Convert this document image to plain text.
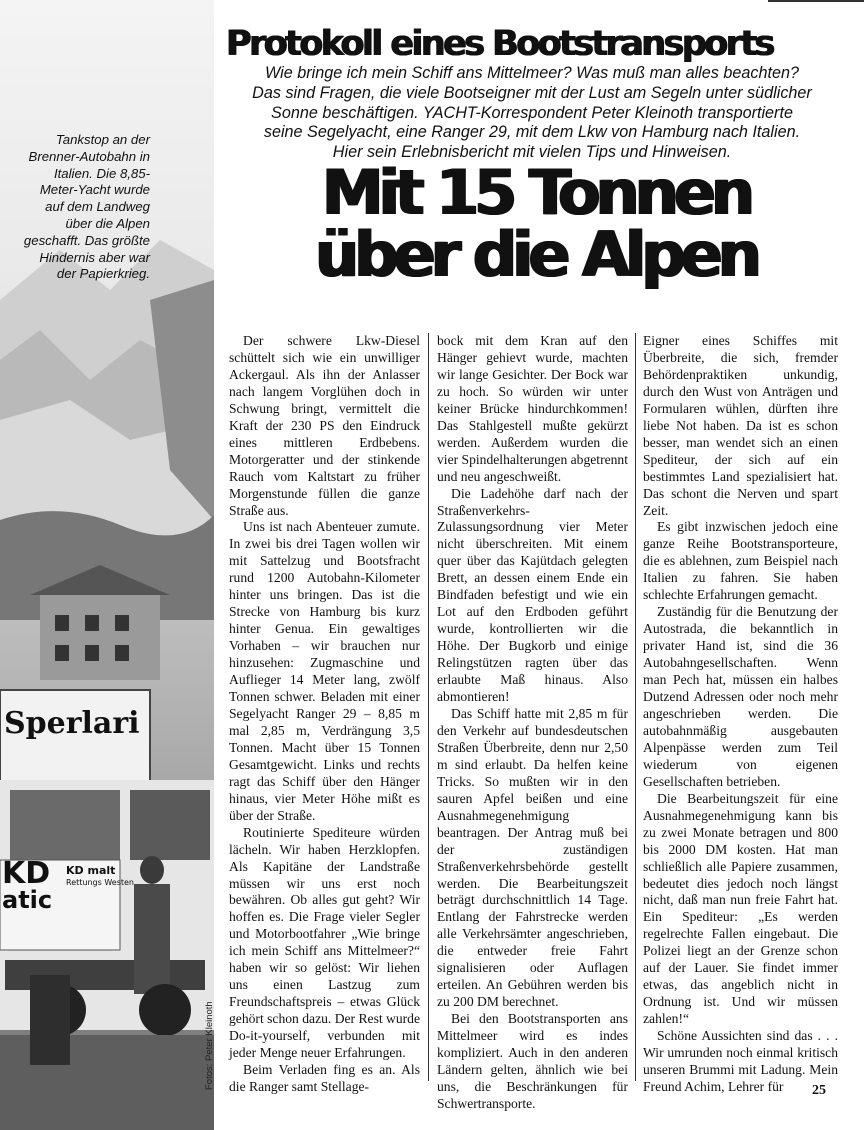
Sperlari
KD KD malt
Rettungs Westen
atic
Tankstop an der Brenner-Autobahn in Italien. Die 8,85-Meter-Yacht wurde auf dem Landweg über die Alpen geschafft. Das größte Hindernis aber war der Papierkrieg.
Fotos: Peter Kleinoth
Protokoll eines Bootstransports
Wie bringe ich mein Schiff ans Mittelmeer? Was muß man alles beachten?
Das sind Fragen, die viele Bootseigner mit der Lust am Segeln unter südlicher
Sonne beschäftigen. YACHT-Korrespondent Peter Kleinoth transportierte
seine Segelyacht, eine Ranger 29, mit dem Lkw von Hamburg nach Italien.
Hier sein Erlebnisbericht mit vielen Tips und Hinweisen.
Mit 15 Tonnen
über die Alpen

Der schwere Lkw-Diesel schüttelt sich wie ein unwilliger Ackergaul. Als ihn der Anlasser nach langem Vorglühen doch in Schwung bringt, vermittelt die Kraft der 230 PS den Eindruck eines mittleren Erdbebens. Motorgeratter und der stinkende Rauch vom Kaltstart zu früher Morgenstunde füllen die ganze Straße aus.

Uns ist nach Abenteuer zumute. In zwei bis drei Tagen wollen wir mit Sattelzug und Bootsfracht rund 1200 Autobahn-Kilometer hinter uns bringen. Das ist die Strecke von Hamburg bis kurz hinter Genua. Ein gewaltiges Vorhaben – wir brauchen nur hinzusehen: Zugmaschine und Auflieger 14 Meter lang, zwölf Tonnen schwer. Beladen mit einer Segelyacht Ranger 29 – 8,85 m mal 2,85 m, Verdrängung 3,5 Tonnen. Macht über 15 Tonnen Gesamtgewicht. Links und rechts ragt das Schiff über den Hänger hinaus, vier Meter Höhe mißt es über der Straße.

Routinierte Spediteure würden lächeln. Wir haben Herzklopfen. Als Kapitäne der Landstraße müssen wir uns erst noch bewähren. Ob alles gut geht? Wir hoffen es. Die Frage vieler Segler und Motorbootfahrer „Wie bringe ich mein Schiff ans Mittelmeer?“ haben wir so gelöst: Wir liehen uns einen Lastzug zum Freundschaftspreis – etwas Glück gehört schon dazu. Der Rest wurde Do-it-yourself, verbunden mit jeder Menge neuer Erfahrungen.

Beim Verladen fing es an. Als die Ranger samt Stellage-

bock mit dem Kran auf den Hänger gehievt wurde, machten wir lange Gesichter. Der Bock war zu hoch. So würden wir unter keiner Brücke hindurchkommen! Das Stahlgestell mußte gekürzt werden. Außerdem wurden die vier Spindelhalterungen abgetrennt und neu angeschweißt.

Die Ladehöhe darf nach der Straßenverkehrs-Zulassungsordnung vier Meter nicht überschreiten. Mit einem quer über das Kajütdach gelegten Brett, an dessen einem Ende ein Bindfaden befestigt und wie ein Lot auf den Erdboden geführt wurde, kontrollierten wir die Höhe. Der Bugkorb und einige Relingstützen ragten über das erlaubte Maß hinaus. Also abmontieren!

Das Schiff hatte mit 2,85 m für den Verkehr auf bundesdeutschen Straßen Überbreite, denn nur 2,50 m sind erlaubt. Da helfen keine Tricks. So mußten wir in den sauren Apfel beißen und eine Ausnahmegenehmigung beantragen. Der Antrag muß bei der zuständigen Straßenverkehrsbehörde gestellt werden. Die Bearbeitungszeit beträgt durchschnittlich 14 Tage. Entlang der Fahrstrecke werden alle Verkehrsämter angeschrieben, die entweder freie Fahrt signalisieren oder Auflagen erteilen. An Gebühren werden bis zu 200 DM berechnet.

Bei den Bootstransporten ans Mittelmeer wird es indes kompliziert. Auch in den anderen Ländern gelten, ähnlich wie bei uns, die Beschränkungen für Schwertransporte.

Eigner eines Schiffes mit Überbreite, die sich, fremder Behördenpraktiken unkundig, durch den Wust von Anträgen und Formularen wühlen, dürften ihre liebe Not haben. Da ist es schon besser, man wendet sich an einen Spediteur, der sich auf ein bestimmtes Land spezialisiert hat. Das schont die Nerven und spart Zeit.

Es gibt inzwischen jedoch eine ganze Reihe Bootstransporteure, die es ablehnen, zum Beispiel nach Italien zu fahren. Sie haben schlechte Erfahrungen gemacht.

Zuständig für die Benutzung der Autostrada, die bekanntlich in privater Hand ist, sind die 36 Autobahngesellschaften. Wenn man Pech hat, müssen ein halbes Dutzend Adressen oder noch mehr angeschrieben werden. Die autobahnmäßig ausgebauten Alpenpässe werden zum Teil wiederum von eigenen Gesellschaften betrieben.

Die Bearbeitungszeit für eine Ausnahmegenehmigung kann bis zu zwei Monate betragen und 800 bis 2000 DM kosten. Hat man schließlich alle Papiere zusammen, bedeutet dies jedoch noch längst nicht, daß man nun freie Fahrt hat. Ein Spediteur: „Es werden regelrechte Fallen eingebaut. Die Polizei liegt an der Grenze schon auf der Lauer. Sie findet immer etwas, das angeblich nicht in Ordnung ist. Und wir müssen zahlen!“

Schöne Aussichten sind das . . . Wir umrunden noch einmal kritisch unseren Brummi mit Ladung. Mein Freund Achim, Lehrer für	25
